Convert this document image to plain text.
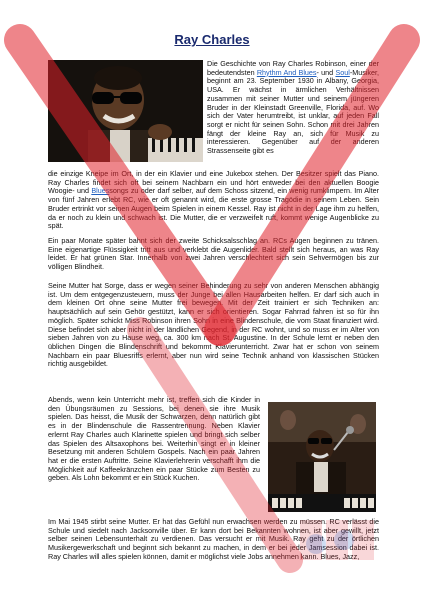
Ray Charles
Die Geschichte von Ray Charles Robinson, einer der bedeutendsten Rhythm And Blues- und Soul-Musiker, beginnt am 23. September 1930 in Albany, Georgia, USA. Er wächst in ärmlichen Verhältnissen zusammen mit seiner Mutter und seinem jüngeren Bruder in der Kleinstadt Greenville, Florida, auf. Wo sich der Vater herumtreibt, ist unklar, auf jeden Fall sorgt er nicht für seinen Sohn. Schon mit drei Jahren fängt der kleine Ray an, sich für Musik zu interessieren. Gegenüber auf der anderen Strassenseite gibt es
die einzige Kneipe im Ort, in der ein Klavier und eine Jukebox stehen. Der Besitzer spielt das Piano. Ray Charles findet sich oft bei seinem Nachbarn ein und hört entweder bei den aktuellen Boogie Woogie- und Bluessongs zu oder darf selber, auf dem Schoss sitzend, ein wenig rumklimpern. Im Alter von fünf Jahren erlebt RC, wie er oft genannt wird, die erste grosse Tragödie in seinem Leben. Sein Bruder ertrinkt vor seinen Augen beim Spielen in einem Kessel. Ray ist nicht in der Lage ihm zu helfen, da er noch zu klein und schwach ist. Die Mutter, die er verzweifelt ruft, kommt wenige Augenblicke zu spät.
Ein paar Monate später bahnt sich der zweite Schicksalsschlag an. RCs Augen beginnen zu tränen. Eine eigenartige Flüssigkeit tritt aus und verklebt die Augenlider. Bald stellt sich heraus, an was Ray leidet. Er hat grünen Star. Innerhalb von zwei Jahren verschlechtert sich sein Sehvermögen bis zur völligen Blindheit.
Seine Mutter hat Sorge, dass er wegen seiner Behinderung zu sehr von anderen Menschen abhängig ist. Um dem entgegenzusteuern, muss der Junge bei allen Hausarbeiten helfen. Er darf sich auch in dem kleinen Ort ohne seine Mutter frei bewegen. Mit der Zeit trainiert er sich Techniken an: hauptsächlich auf sein Gehör gestützt, kann er sich orientieren. Sogar Fahrrad fahren ist so für ihn möglich. Später schickt Miss Robinson ihren Sohn in eine Blindenschule, die vom Staat finanziert wird. Diese befindet sich aber nicht in der ländlichen Gegend, in der RC wohnt, und so muss er im Alter von sieben Jahren von zu Hause weg, ca. 300 km nach St. Augustine. In der Schule lernt er neben den üblichen Dingen die Blindenschrift und bekommt Klavierunterricht. Zwar hat er schon von seinem Nachbarn ein paar Bluesriffs erlernt, aber nun wird seine Technik anhand von klassischen Stücken richtig ausgebildet.
Abends, wenn kein Unterricht mehr ist, treffen sich die Kinder in den Übungsräumen zu Sessions, bei denen sie ihre Musik spielen. Das heisst, die Musik der Schwarzen, denn natürlich gibt es in der Blindenschule die Rassentrennung. Neben Klavier erlernt Ray Charles auch Klarinette spielen und bringt sich selber das Spielen des Altsaxophons bei. Weiterhin singt er in kleiner Besetzung mit anderen Schülern Gospels. Nach ein paar Jahren hat er die ersten Auftritte. Seine Klavierlehrerin verschafft ihm die Möglichkeit auf Kaffeekränzchen ein paar Stücke zum Besten zu geben. Als Lohn bekommt er ein Stück Kuchen.
Im Mai 1945 stirbt seine Mutter. Er hat das Gefühl nun erwachsen werden zu müssen. RC verlässt die Schule und siedelt nach Jacksonville über. Er kann dort bei Bekannten wohnen, ist aber gewillt, jetzt selber seinen Lebensunterhalt zu verdienen. Das versucht er mit Musik. Ray geht zu der örtlichen Musikergewerkschaft und beginnt sich bekannt zu machen, in dem er bei jeder Jamsession dabei ist. Ray Charles will alles spielen können, damit er möglichst viele Jobs annehmen kann. Blues, Jazz,
